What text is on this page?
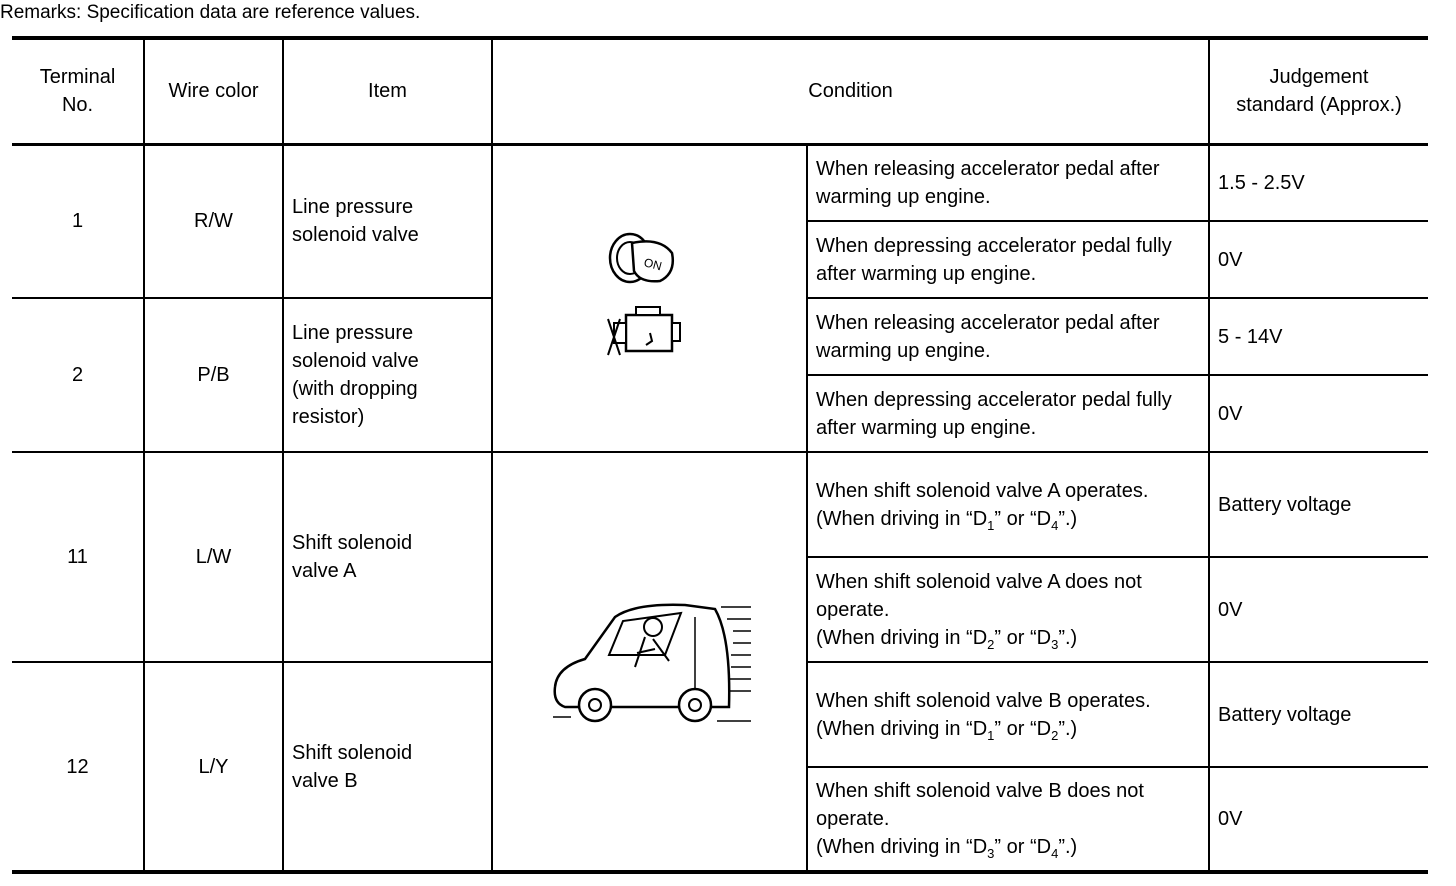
Remarks: Specification data are reference values.
Terminal No.	Wire color	Item	Condition		Judgement standard (Approx.)

1	R/W	Line pressure solenoid valve	ON	When releasing accelerator pedal after warming up engine.	1.5 - 2.5V
				When depressing accelerator pedal fully after warming up engine.	0V
2	P/B	Line pressure solenoid valve (with dropping resistor)		When releasing accelerator pedal after warming up engine.	5 - 14V
				When depressing accelerator pedal fully after warming up engine.	0V
11	L/W	Shift solenoid valve A		When shift solenoid valve A operates.
(When driving in “$D_1$” or “$D_4$”.)	Battery voltage
				When shift solenoid valve A does not operate.
(When driving in “$D_2$” or “$D_3$”.)	0V
12	L/Y	Shift solenoid valve B		When shift solenoid valve B operates.
(When driving in “$D_1$” or “$D_2$”.)	Battery voltage
				When shift solenoid valve B does not operate.
(When driving in “$D_3$” or “$D_4$”.)	0V
